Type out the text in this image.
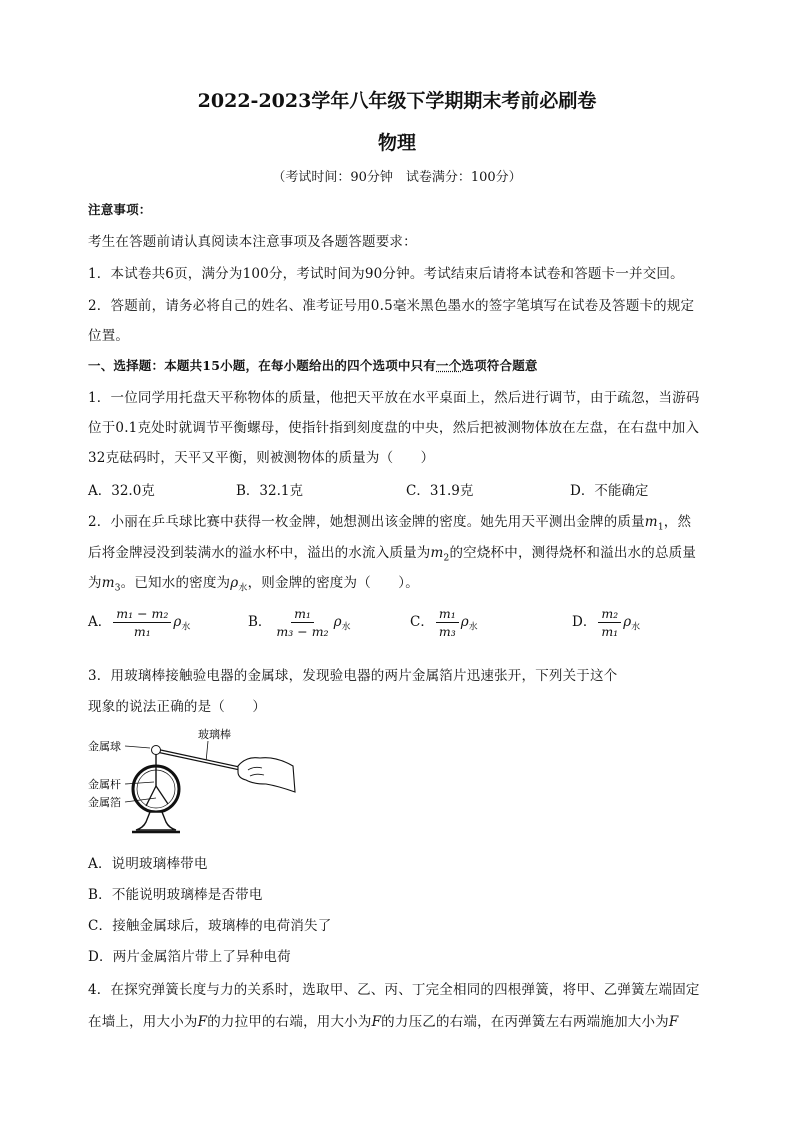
2022-2023学年八年级下学期期末考前必刷卷
物理
（考试时间：90分钟　试卷满分：100分）
注意事项：
考生在答题前请认真阅读本注意事项及各题答题要求：
1．本试卷共6页，满分为100分，考试时间为90分钟。考试结束后请将本试卷和答题卡一并交回。
2．答题前，请务必将自己的姓名、准考证号用0.5毫米黑色墨水的签字笔填写在试卷及答题卡的规定
位置。
一、选择题：本题共15小题，在每小题给出的四个选项中只有一个选项符合题意
1．一位同学用托盘天平称物体的质量，他把天平放在水平桌面上，然后进行调节，由于疏忽，当游码
位于0.1克处时就调节平衡螺母，使指针指到刻度盘的中央，然后把被测物体放在左盘，在右盘中加入
32克砝码时，天平又平衡，则被测物体的质量为（　　）
A．32.0克	B．32.1克	C．31.9克	D．不能确定
2．小丽在乒乓球比赛中获得一枚金牌，她想测出该金牌的密度。她先用天平测出金牌的质量$m_1$，然
后将金牌浸没到装满水的溢水杯中，溢出的水流入质量为$m_2$的空烧杯中，测得烧杯和溢出水的总质量
为$m_3$。已知水的密度为$\rho_水$，则金牌的密度为（　　）。
A． $\frac{\text{m₁ − m₂}}{\text{m₁}} \rho_水$	B． $\frac{\text{m₁}}{\text{m₃ − m₂}} \rho_水$	C． $\frac{\text{m₁}}{\text{m₃}} \rho_水$	D． $\frac{\text{m₂}}{\text{m₁}} \rho_水$
3．用玻璃棒接触验电器的金属球，发现验电器的两片金属箔片迅速张开，下列关于这个
现象的说法正确的是（　　）
金属球
玻璃棒
金属杆
金属箔
A．说明玻璃棒带电
B．不能说明玻璃棒是否带电
C．接触金属球后，玻璃棒的电荷消失了
D．两片金属箔片带上了异种电荷
4．在探究弹簧长度与力的关系时，选取甲、乙、丙、丁完全相同的四根弹簧，将甲、乙弹簧左端固定
在墙上，用大小为F的力拉甲的右端，用大小为F的力压乙的右端，在丙弹簧左右两端施加大小为F
